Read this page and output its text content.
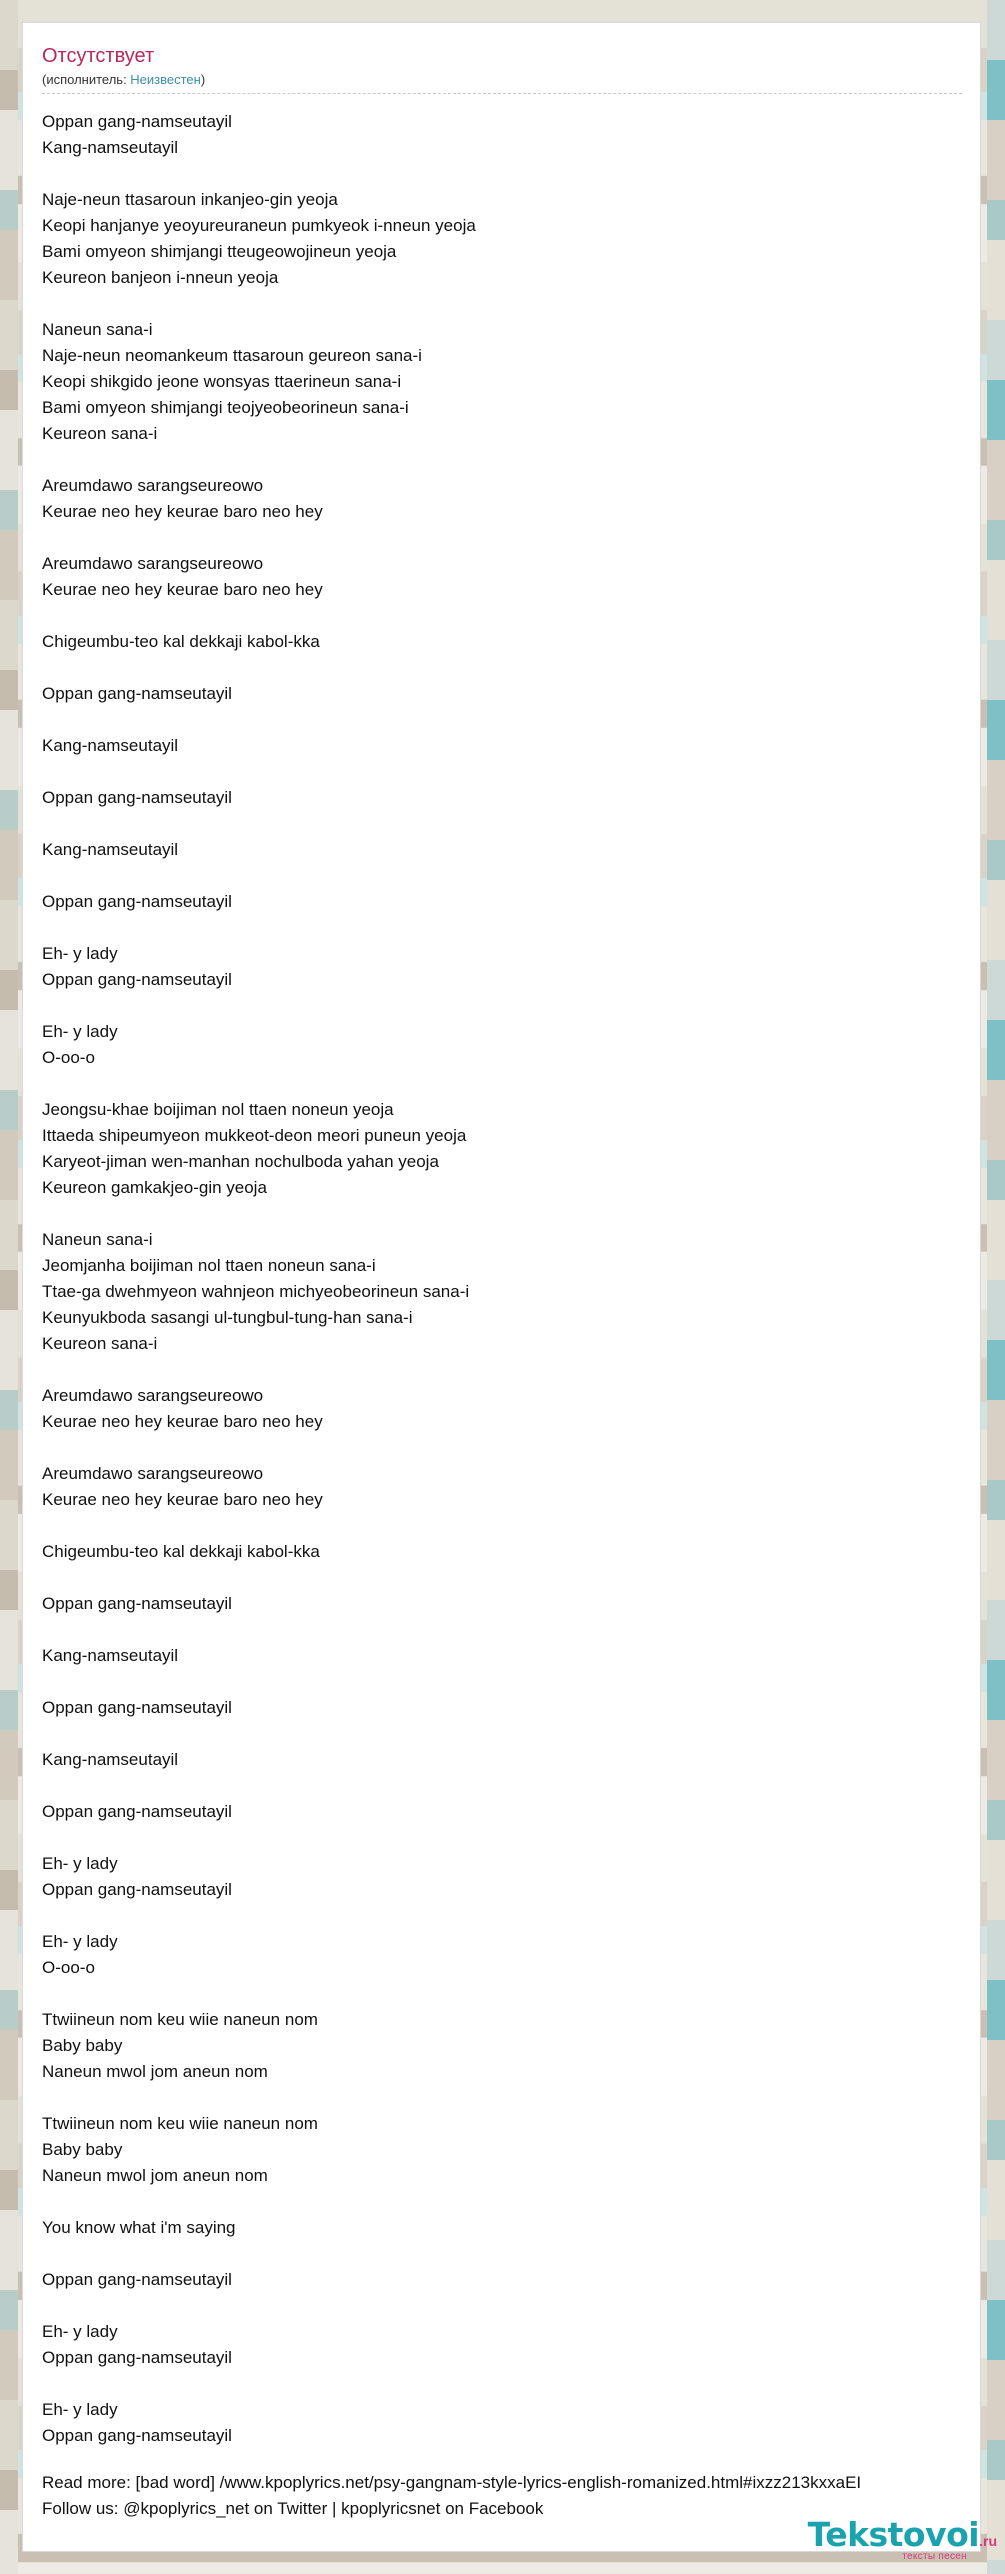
Отсутствует
(исполнитель: Неизвестен)
Oppan gang-namseutayil
Kang-namseutayil
Naje-neun ttasaroun inkanjeo-gin yeoja
Keopi hanjanye yeoyureuraneun pumkyeok i-nneun yeoja
Bami omyeon shimjangi tteugeowojineun yeoja
Keureon banjeon i-nneun yeoja
Naneun sana-i
Naje-neun neomankeum ttasaroun geureon sana-i
Keopi shikgido jeone wonsyas ttaerineun sana-i
Bami omyeon shimjangi teojyeobeorineun sana-i
Keureon sana-i
Areumdawo sarangseureowo
Keurae neo hey keurae baro neo hey
Areumdawo sarangseureowo
Keurae neo hey keurae baro neo hey
Chigeumbu-teo kal dekkaji kabol-kka
Oppan gang-namseutayil
Kang-namseutayil
Oppan gang-namseutayil
Kang-namseutayil
Oppan gang-namseutayil
Eh- y lady
Oppan gang-namseutayil
Eh- y lady
O-oo-o
Jeongsu-khae boijiman nol ttaen noneun yeoja
Ittaeda shipeumyeon mukkeot-deon meori puneun yeoja
Karyeot-jiman wen-manhan nochulboda yahan yeoja
Keureon gamkakjeo-gin yeoja
Naneun sana-i
Jeomjanha boijiman nol ttaen noneun sana-i
Ttae-ga dwehmyeon wahnjeon michyeobeorineun sana-i
Keunyukboda sasangi ul-tungbul-tung-han sana-i
Keureon sana-i
Areumdawo sarangseureowo
Keurae neo hey keurae baro neo hey
Areumdawo sarangseureowo
Keurae neo hey keurae baro neo hey
Chigeumbu-teo kal dekkaji kabol-kka
Oppan gang-namseutayil
Kang-namseutayil
Oppan gang-namseutayil
Kang-namseutayil
Oppan gang-namseutayil
Eh- y lady
Oppan gang-namseutayil
Eh- y lady
O-oo-o
Ttwiineun nom keu wiie naneun nom
Baby baby
Naneun mwol jom aneun nom
Ttwiineun nom keu wiie naneun nom
Baby baby
Naneun mwol jom aneun nom
You know what i'm saying
Oppan gang-namseutayil
Eh- y lady
Oppan gang-namseutayil
Eh- y lady
Oppan gang-namseutayil
Read more: [bad word] /www.kpoplyrics.net/psy-gangnam-style-lyrics-english-romanized.html#ixzz213kxxaEI
Follow us: @kpoplyrics_net on Twitter | kpoplyricsnet on Facebook
Tekstovoi.ru
тексты песен
